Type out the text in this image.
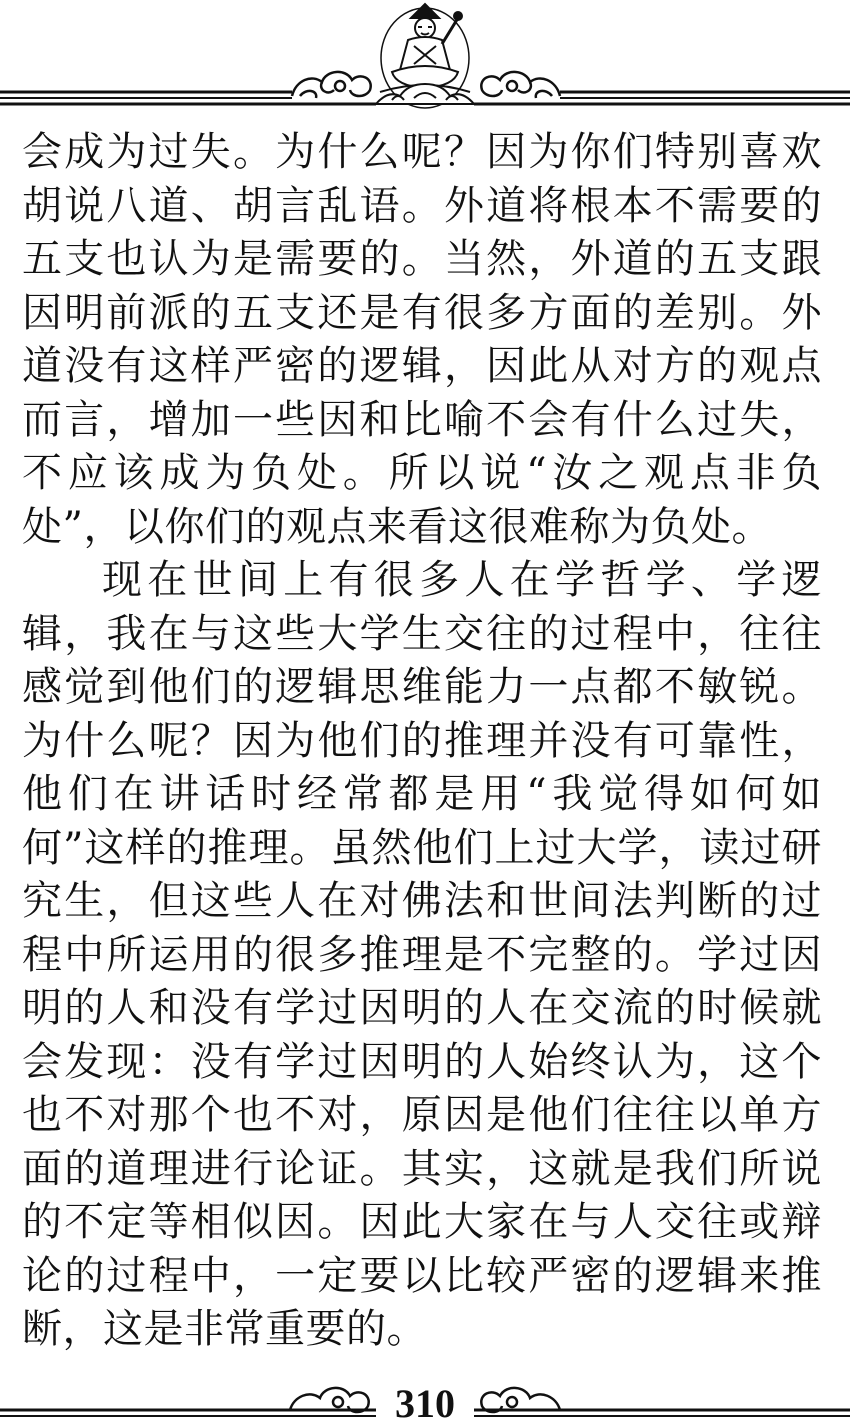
会成为过失。为什么呢？因为你们特别喜欢胡说八道、胡言乱语。外道将根本不需要的五支也认为是需要的。当然，外道的五支跟因明前派的五支还是有很多方面的差别。外道没有这样严密的逻辑，因此从对方的观点而言，增加一些因和比喻不会有什么过失，不应该成为负处。所以说“汝之观点非负处”，以你们的观点来看这很难称为负处。

现在世间上有很多人在学哲学、学逻辑，我在与这些大学生交往的过程中，往往感觉到他们的逻辑思维能力一点都不敏锐。为什么呢？因为他们的推理并没有可靠性，他们在讲话时经常都是用“我觉得如何如何”这样的推理。虽然他们上过大学，读过研究生，但这些人在对佛法和世间法判断的过程中所运用的很多推理是不完整的。学过因明的人和没有学过因明的人在交流的时候就会发现：没有学过因明的人始终认为，这个也不对那个也不对，原因是他们往往以单方面的道理进行论证。其实，这就是我们所说的不定等相似因。因此大家在与人交往或辩论的过程中，一定要以比较严密的逻辑来推断，这是非常重要的。

310
